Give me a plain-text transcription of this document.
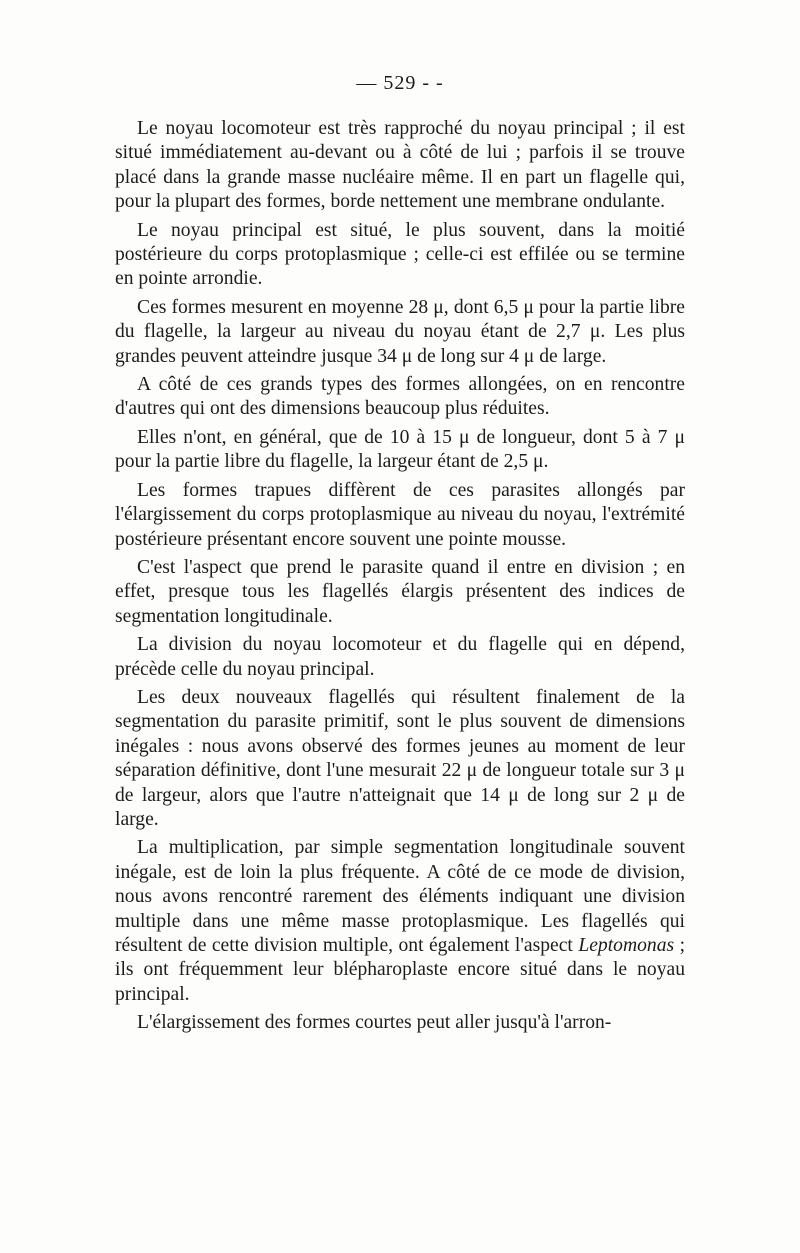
— 529 - -

Le noyau locomoteur est très rapproché du noyau principal ; il est situé immédiatement au-devant ou à côté de lui ; parfois il se trouve placé dans la grande masse nucléaire même. Il en part un flagelle qui, pour la plupart des formes, borde nettement une membrane ondulante.

Le noyau principal est situé, le plus souvent, dans la moitié postérieure du corps protoplasmique ; celle-ci est effilée ou se termine en pointe arrondie.

Ces formes mesurent en moyenne 28 μ, dont 6,5 μ pour la partie libre du flagelle, la largeur au niveau du noyau étant de 2,7 μ. Les plus grandes peuvent atteindre jusque 34 μ de long sur 4 μ de large.

A côté de ces grands types des formes allongées, on en rencontre d'autres qui ont des dimensions beaucoup plus réduites.

Elles n'ont, en général, que de 10 à 15 μ de longueur, dont 5 à 7 μ pour la partie libre du flagelle, la largeur étant de 2,5 μ.

Les formes trapues diffèrent de ces parasites allongés par l'élargissement du corps protoplasmique au niveau du noyau, l'extrémité postérieure présentant encore souvent une pointe mousse.

C'est l'aspect que prend le parasite quand il entre en division ; en effet, presque tous les flagellés élargis présentent des indices de segmentation longitudinale.

La division du noyau locomoteur et du flagelle qui en dépend, précède celle du noyau principal.

Les deux nouveaux flagellés qui résultent finalement de la segmentation du parasite primitif, sont le plus souvent de dimensions inégales : nous avons observé des formes jeunes au moment de leur séparation définitive, dont l'une mesurait 22 μ de longueur totale sur 3 μ de largeur, alors que l'autre n'atteignait que 14 μ de long sur 2 μ de large.

La multiplication, par simple segmentation longitudinale souvent inégale, est de loin la plus fréquente. A côté de ce mode de division, nous avons rencontré rarement des éléments indiquant une division multiple dans une même masse protoplasmique. Les flagellés qui résultent de cette division multiple, ont également l'aspect Leptomonas ; ils ont fréquemment leur blépharoplaste encore situé dans le noyau principal.

L'élargissement des formes courtes peut aller jusqu'à l'arron-
